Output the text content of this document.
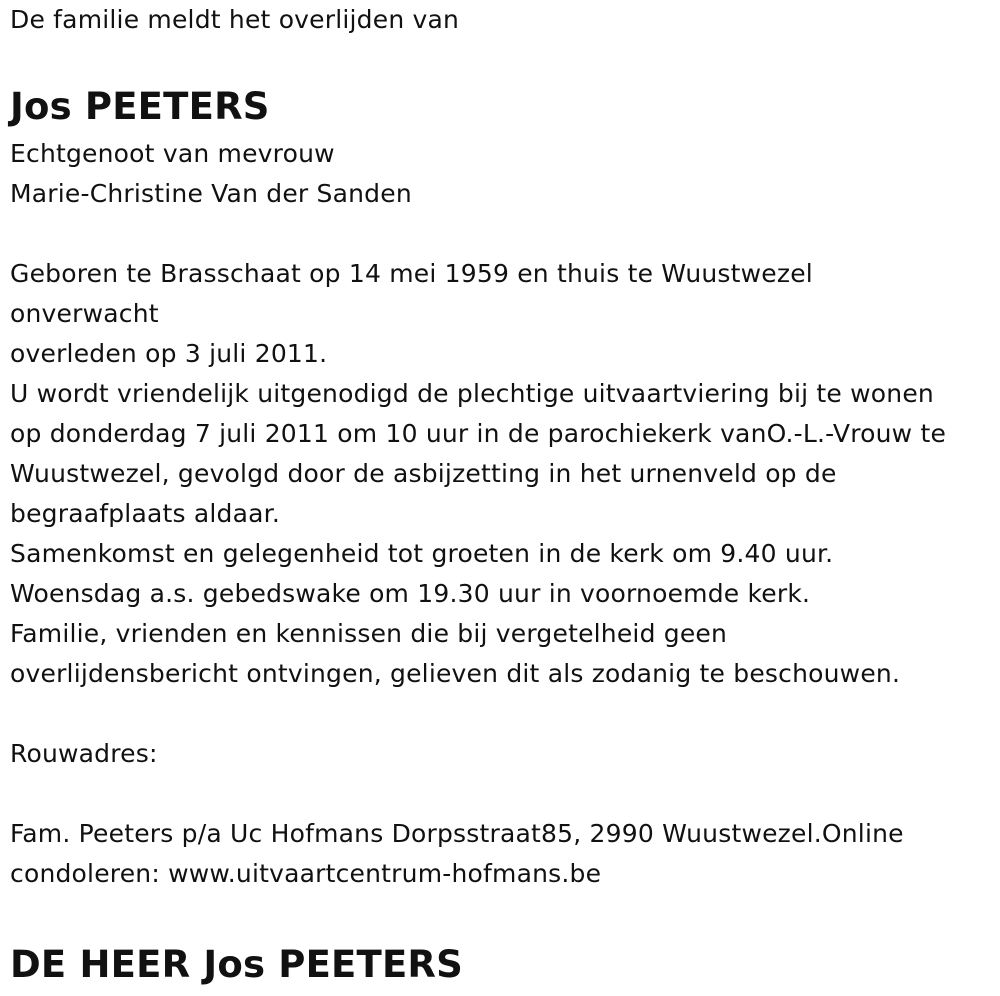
De familie meldt het overlijden van
Jos PEETERS
Echtgenoot van mevrouw
Marie-Christine Van der Sanden
Geboren te Brasschaat op 14 mei 1959 en thuis te Wuustwezel
onverwacht
overleden op 3 juli 2011.
U wordt vriendelijk uitgenodigd de plechtige uitvaartviering bij te wonen
op donderdag 7 juli 2011 om 10 uur in de parochiekerk vanO.-L.-Vrouw te
Wuustwezel, gevolgd door de asbijzetting in het urnenveld op de
begraafplaats aldaar.
Samenkomst en gelegenheid tot groeten in de kerk om 9.40 uur.
Woensdag a.s. gebedswake om 19.30 uur in voornoemde kerk.
Familie, vrienden en kennissen die bij vergetelheid geen
overlijdensbericht ontvingen, gelieven dit als zodanig te beschouwen.
Rouwadres:
Fam. Peeters p/a Uc Hofmans Dorpsstraat85, 2990 Wuustwezel.Online
condoleren: www.uitvaartcentrum-hofmans.be
DE HEER Jos PEETERS
